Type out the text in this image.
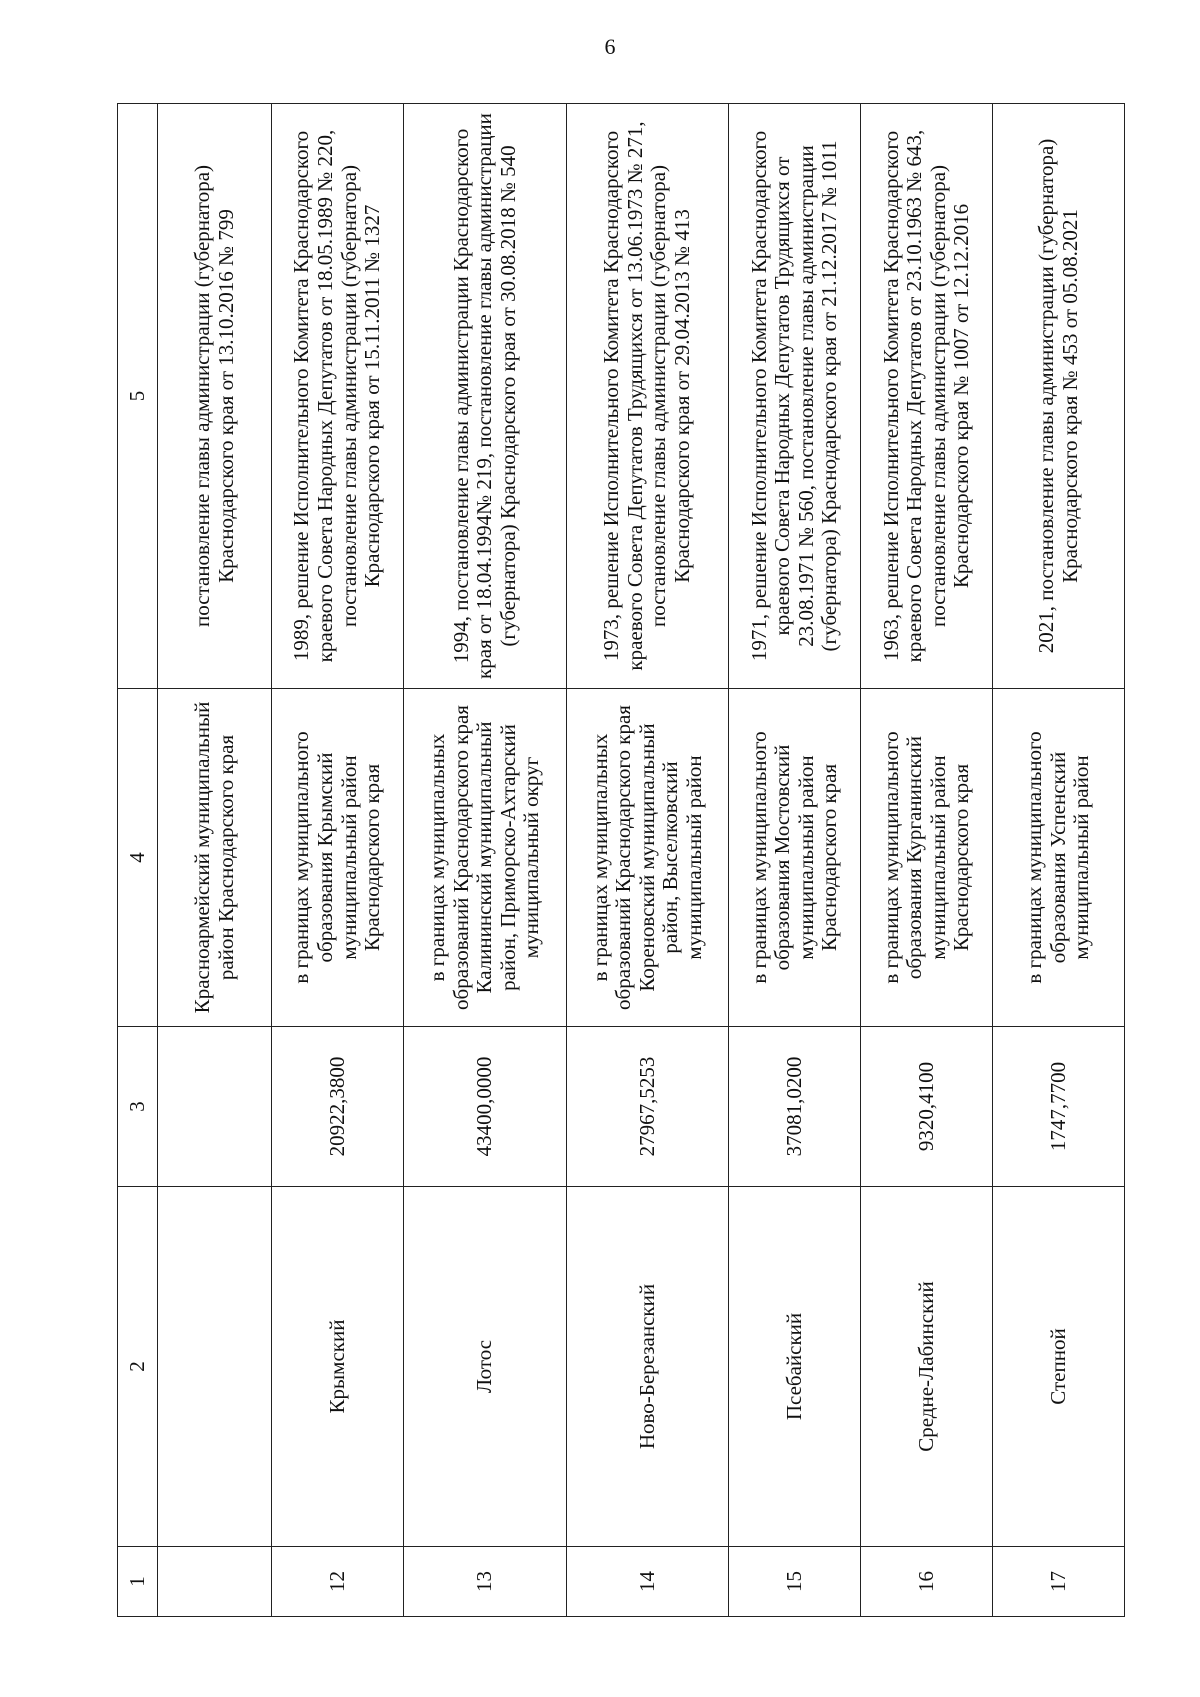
6
1	2	3	4	5
			Красноармейский муниципальный район Краснодарского края	постановление главы администрации (губернатора) Краснодарского края от 13.10.2016 № 799
12	Крымский	20922,3800	в границах муниципального образования Крымский муниципальный район Краснодарского края	1989, решение Исполнительного Комитета Краснодарского краевого Совета Народных Депутатов от 18.05.1989 № 220, постановление главы администрации (губернатора) Краснодарского края от 15.11.2011 № 1327
13	Лотос	43400,0000	в границах муниципальных образований Краснодарского края Калининский муниципальный район, Приморско-Ахтарский муниципальный округ	1994, постановление главы администрации Краснодарского края от 18.04.1994№ 219, постановление главы администрации (губернатора) Краснодарского края от 30.08.2018 № 540
14	Ново-Березанский	27967,5253	в границах муниципальных образований Краснодарского края Кореновский муниципальный район, Выселковский муниципальный район	1973, решение Исполнительного Комитета Краснодарского краевого Совета Депутатов Трудящихся от 13.06.1973 № 271, постановление главы администрации (губернатора) Краснодарского края от 29.04.2013 № 413
15	Псебайский	37081,0200	в границах муниципального образования Мостовский муниципальный район Краснодарского края	1971, решение Исполнительного Комитета Краснодарского краевого Совета Народных Депутатов Трудящихся от 23.08.1971 № 560, постановление главы администрации (губернатора) Краснодарского края от 21.12.2017 № 1011
16	Средне-Лабинский	9320,4100	в границах муниципального образования Курганинский муниципальный район Краснодарского края	1963, решение Исполнительного Комитета Краснодарского краевого Совета Народных Депутатов от 23.10.1963 № 643, постановление главы администрации (губернатора) Краснодарского края № 1007 от 12.12.2016
17	Степной	1747,7700	в границах муниципального образования Успенский муниципальный район	2021, постановление главы администрации (губернатора) Краснодарского края № 453 от 05.08.2021
